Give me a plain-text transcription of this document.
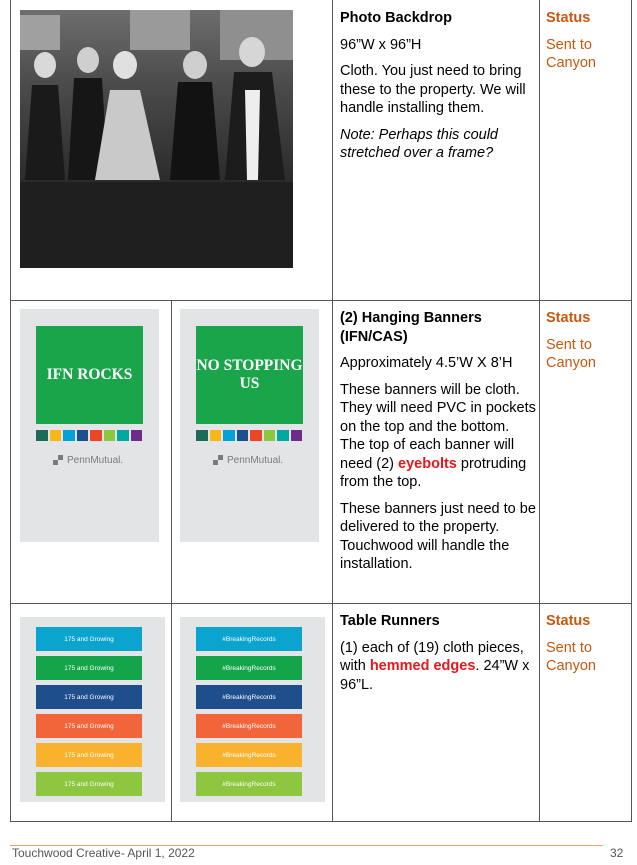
Photo Backdrop

96”W x 96”H

Cloth. You just need to bring these to the property. We will handle installing them.

Note: Perhaps this could stretched over a frame?

Status

Sent to Canyon

IFN ROCKS
PennMutual.
NO STOPPING US
PennMutual.

(2) Hanging Banners (IFN/CAS)

Approximately 4.5’W X 8’H

These banners will be cloth. They will need PVC in pockets on the top and the bottom. The top of each banner will need (2) eyebolts protruding from the top.

These banners just need to be delivered to the property. Touchwood will handle the installation.

Status

Sent to Canyon

175 and Growing
175 and Growing
175 and Growing
175 and Growing
175 and Growing
175 and Growing
#BreakingRecords
#BreakingRecords
#BreakingRecords
#BreakingRecords
#BreakingRecords
#BreakingRecords

Table Runners

(1) each of (19) cloth pieces, with hemmed edges. 24”W x 96”L.

Status

Sent to Canyon

Touchwood Creative- April 1, 2022	32
